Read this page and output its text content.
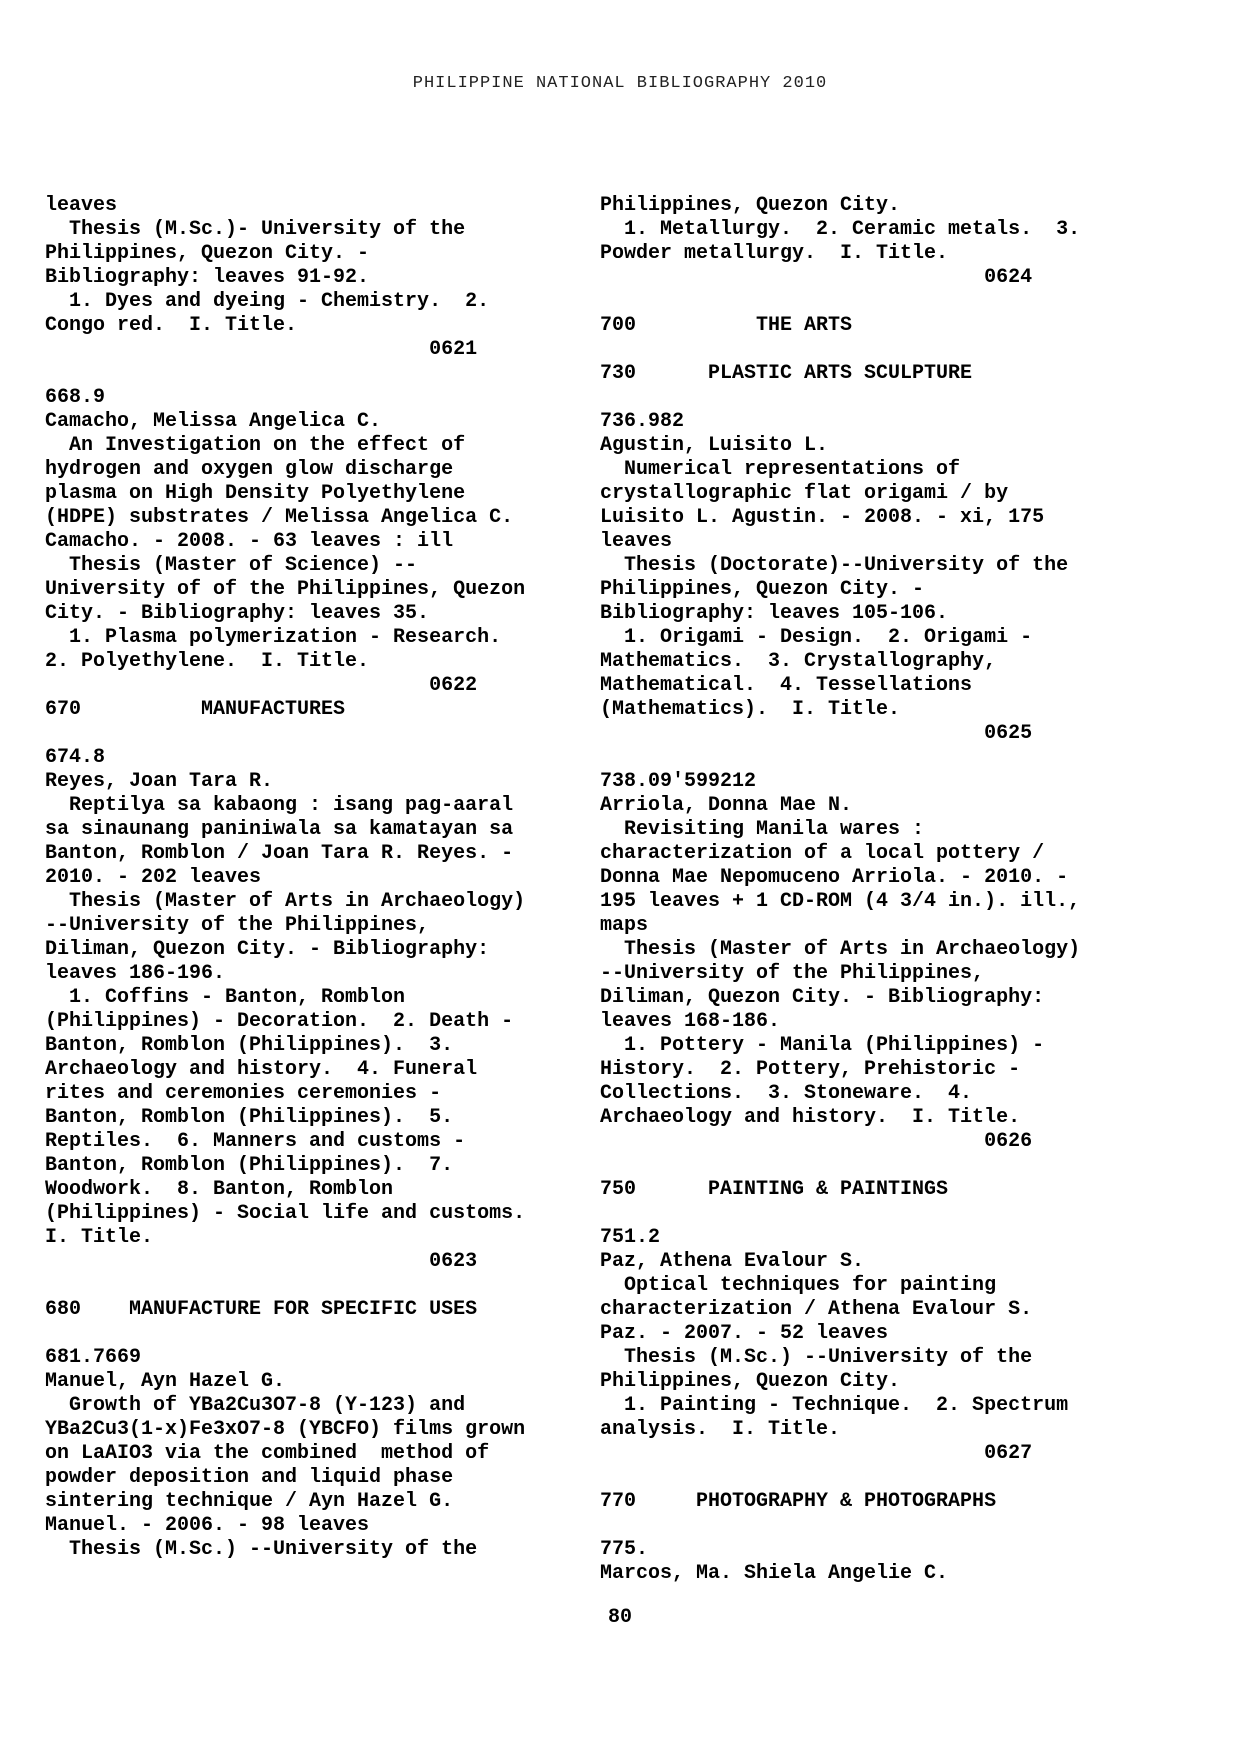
PHILIPPINE NATIONAL BIBLIOGRAPHY 2010
leaves
Thesis (M.Sc.)- University of the
Philippines, Quezon City. -
Bibliography: leaves 91-92.
1. Dyes and dyeing - Chemistry.  2.
Congo red.  I. Title.
0621
668.9
Camacho, Melissa Angelica C.
An Investigation on the effect of
hydrogen and oxygen glow discharge
plasma on High Density Polyethylene
(HDPE) substrates / Melissa Angelica C.
Camacho. - 2008. - 63 leaves : ill
Thesis (Master of Science) --
University of of the Philippines, Quezon
City. - Bibliography: leaves 35.
1. Plasma polymerization - Research.
2. Polyethylene.  I. Title.
0622
670          MANUFACTURES
674.8
Reyes, Joan Tara R.
Reptilya sa kabaong : isang pag-aaral
sa sinaunang paniniwala sa kamatayan sa
Banton, Romblon / Joan Tara R. Reyes. -
2010. - 202 leaves
Thesis (Master of Arts in Archaeology)
--University of the Philippines,
Diliman, Quezon City. - Bibliography:
leaves 186-196.
1. Coffins - Banton, Romblon
(Philippines) - Decoration.  2. Death -
Banton, Romblon (Philippines).  3.
Archaeology and history.  4. Funeral
rites and ceremonies ceremonies -
Banton, Romblon (Philippines).  5.
Reptiles.  6. Manners and customs -
Banton, Romblon (Philippines).  7.
Woodwork.  8. Banton, Romblon
(Philippines) - Social life and customs.
I. Title.
0623
680    MANUFACTURE FOR SPECIFIC USES
681.7669
Manuel, Ayn Hazel G.
Growth of YBa2Cu3O7-8 (Y-123) and
YBa2Cu3(1-x)Fe3xO7-8 (YBCFO) films grown
on LaAIO3 via the combined  method of
powder deposition and liquid phase
sintering technique / Ayn Hazel G.
Manuel. - 2006. - 98 leaves
Thesis (M.Sc.) --University of the
Philippines, Quezon City.
1. Metallurgy.  2. Ceramic metals.  3.
Powder metallurgy.  I. Title.
0624
700          THE ARTS
730      PLASTIC ARTS SCULPTURE
736.982
Agustin, Luisito L.
Numerical representations of
crystallographic flat origami / by
Luisito L. Agustin. - 2008. - xi, 175
leaves
Thesis (Doctorate)--University of the
Philippines, Quezon City. -
Bibliography: leaves 105-106.
1. Origami - Design.  2. Origami -
Mathematics.  3. Crystallography,
Mathematical.  4. Tessellations
(Mathematics).  I. Title.
0625
738.09'599212
Arriola, Donna Mae N.
Revisiting Manila wares :
characterization of a local pottery /
Donna Mae Nepomuceno Arriola. - 2010. -
195 leaves + 1 CD-ROM (4 3/4 in.). ill.,
maps
Thesis (Master of Arts in Archaeology)
--University of the Philippines,
Diliman, Quezon City. - Bibliography:
leaves 168-186.
1. Pottery - Manila (Philippines) -
History.  2. Pottery, Prehistoric -
Collections.  3. Stoneware.  4.
Archaeology and history.  I. Title.
0626
750      PAINTING & PAINTINGS
751.2
Paz, Athena Evalour S.
Optical techniques for painting
characterization / Athena Evalour S.
Paz. - 2007. - 52 leaves
Thesis (M.Sc.) --University of the
Philippines, Quezon City.
1. Painting - Technique.  2. Spectrum
analysis.  I. Title.
0627
770     PHOTOGRAPHY & PHOTOGRAPHS
775.
Marcos, Ma. Shiela Angelie C.
80
